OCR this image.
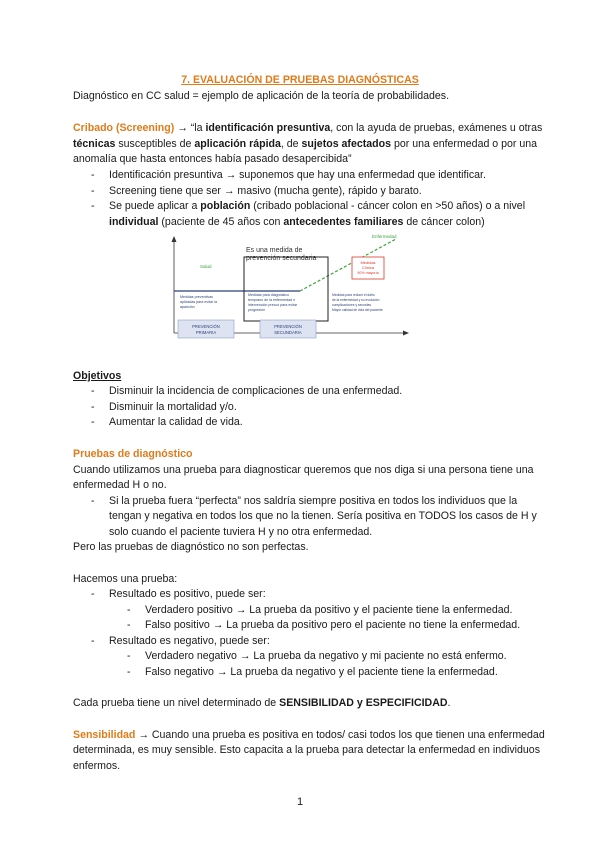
7. EVALUACIÓN DE PRUEBAS DIAGNÓSTICAS
Diagnóstico en CC salud = ejemplo de aplicación de la teoría de probabilidades.
Cribado (Screening) → “la identificación presuntiva, con la ayuda de pruebas, exámenes u otras
técnicas susceptibles de aplicación rápida, de sujetos afectados por una enfermedad o por una
anomalía que hasta entonces había pasado desapercibida”
- Identificación presuntiva → suponemos que hay una enfermedad que identificar.
- Screening tiene que ser → masivo (mucha gente), rápido y barato.
- Se puede aplicar a población (cribado poblacional - cáncer colon en >50 años) o a nivel
individual (paciente de 45 años con antecedentes familiares de cáncer colon)
Es una medida de
prevención secundaria
Enfermedad
Salud
Medidas
Clínica
90% mayoría
Medidas preventivas
aplicadas para evitar la
aparición
Medidas para diagnóstico
temprano de la enfermedad e
intervención precoz para evitar
progresión
Medidas para reducir el daño
de la enfermedad y su evolución
complicaciones y secuelas
Mayor calidad de vida del paciente
PREVENCIÓN
PRIMARIA
PREVENCIÓN
SECUNDARIA
Objetivos
- Disminuir la incidencia de complicaciones de una enfermedad.
- Disminuir la mortalidad y/o.
- Aumentar la calidad de vida.
Pruebas de diagnóstico
Cuando utilizamos una prueba para diagnosticar queremos que nos diga si una persona tiene una
enfermedad H o no.
- Si la prueba fuera “perfecta” nos saldría siempre positiva en todos los individuos que la
tengan y negativa en todos los que no la tienen. Sería positiva en TODOS los casos de H y
solo cuando el paciente tuviera H y no otra enfermedad.
Pero las pruebas de diagnóstico no son perfectas.
Hacemos una prueba:
- Resultado es positivo, puede ser:
- Verdadero positivo → La prueba da positivo y el paciente tiene la enfermedad.
- Falso positivo → La prueba da positivo pero el paciente no tiene la enfermedad.
- Resultado es negativo, puede ser:
- Verdadero negativo → La prueba da negativo y mi paciente no está enfermo.
- Falso negativo → La prueba da negativo y el paciente tiene la enfermedad.
Cada prueba tiene un nivel determinado de SENSIBILIDAD y ESPECIFICIDAD.
Sensibilidad → Cuando una prueba es positiva en todos/ casi todos los que tienen una enfermedad
determinada, es muy sensible. Esto capacita a la prueba para detectar la enfermedad en individuos
enfermos.
1
